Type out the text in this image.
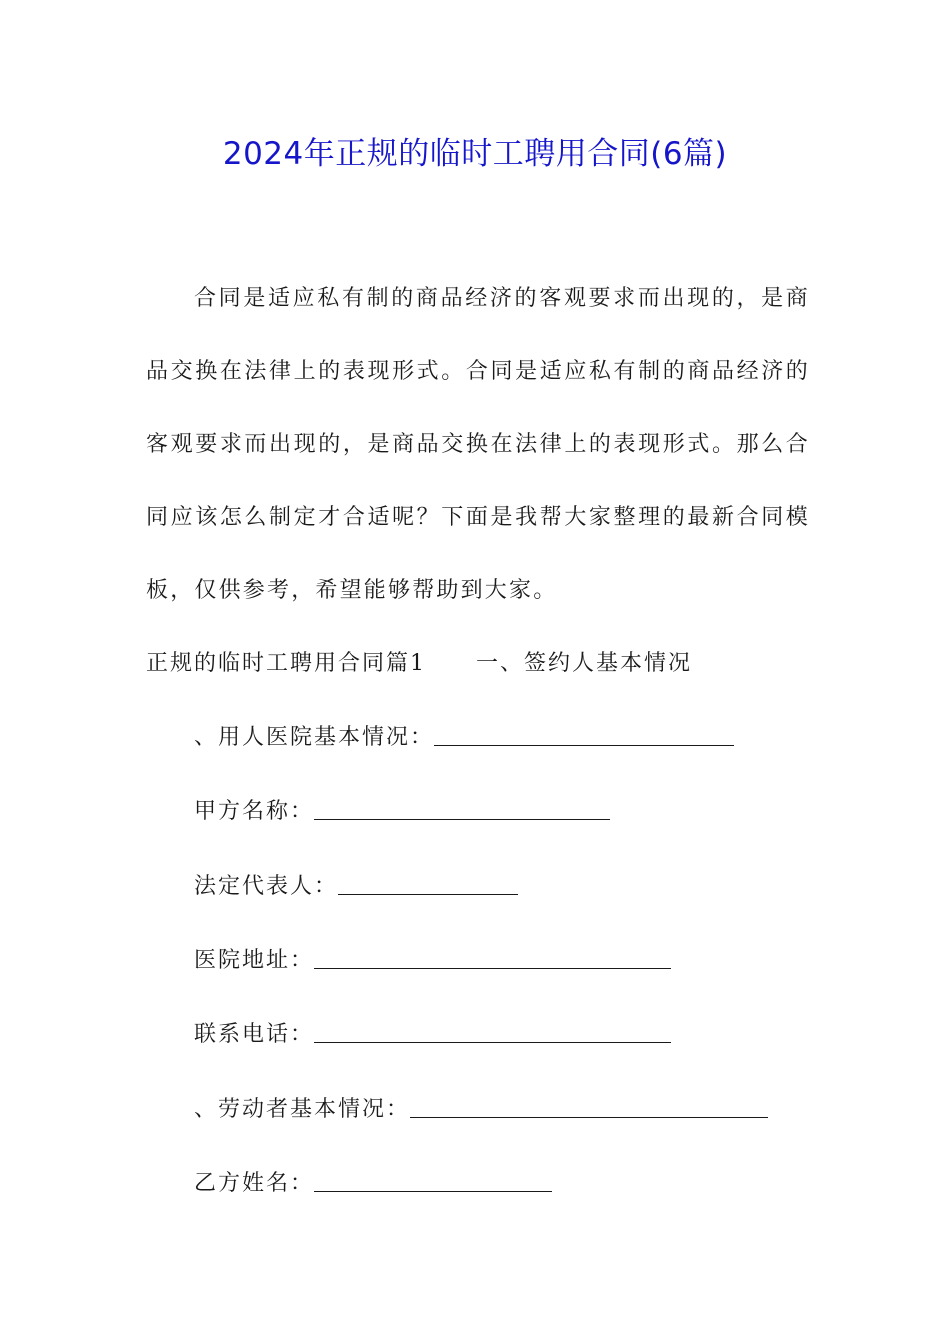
2024年正规的临时工聘用合同(6篇)

合同是适应私有制的商品经济的客观要求而出现的，是商品交换在法律上的表现形式。合同是适应私有制的商品经济的客观要求而出现的，是商品交换在法律上的表现形式。那么合同应该怎么制定才合适呢？下面是我帮大家整理的最新合同模板，仅供参考，希望能够帮助到大家。

正规的临时工聘用合同篇1 一、签约人基本情况

、用人医院基本情况：

甲方名称：

法定代表人：

医院地址：

联系电话：

、劳动者基本情况：

乙方姓名：
